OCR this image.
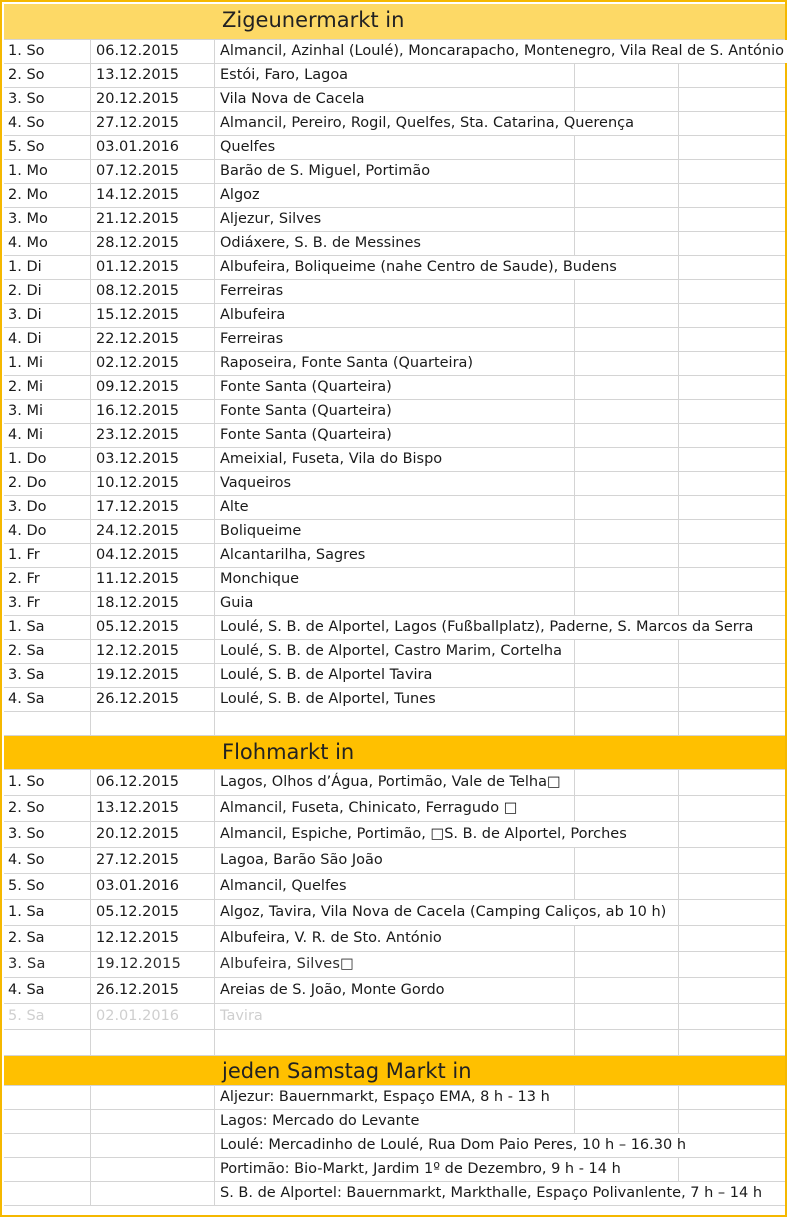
Zigeunermarkt in
1. So	06.12.2015	Almancil, Azinhal (Loulé), Moncarapacho, Montenegro, Vila Real de S. António
2. So	13.12.2015	Estói, Faro, Lagoa
3. So	20.12.2015	Vila Nova de Cacela
4. So	27.12.2015	Almancil, Pereiro, Rogil, Quelfes, Sta. Catarina, Querença
5. So	03.01.2016	Quelfes
1. Mo	07.12.2015	Barão de S. Miguel, Portimão
2. Mo	14.12.2015	Algoz
3. Mo	21.12.2015	Aljezur, Silves
4. Mo	28.12.2015	Odiáxere, S. B. de Messines
1. Di	01.12.2015	Albufeira, Boliqueime (nahe Centro de Saude), Budens
2. Di	08.12.2015	Ferreiras
3. Di	15.12.2015	Albufeira
4. Di	22.12.2015	Ferreiras
1. Mi	02.12.2015	Raposeira, Fonte Santa (Quarteira)
2. Mi	09.12.2015	Fonte Santa (Quarteira)
3. Mi	16.12.2015	Fonte Santa (Quarteira)
4. Mi	23.12.2015	Fonte Santa (Quarteira)
1. Do	03.12.2015	Ameixial, Fuseta, Vila do Bispo
2. Do	10.12.2015	Vaqueiros
3. Do	17.12.2015	Alte
4. Do	24.12.2015	Boliqueime
1. Fr	04.12.2015	Alcantarilha, Sagres
2. Fr	11.12.2015	Monchique
3. Fr	18.12.2015	Guia
1. Sa	05.12.2015	Loulé, S. B. de Alportel, Lagos (Fußballplatz), Paderne, S. Marcos da Serra
2. Sa	12.12.2015	Loulé, S. B. de Alportel, Castro Marim, Cortelha
3. Sa	19.12.2015	Loulé, S. B. de Alportel Tavira
4. Sa	26.12.2015	Loulé, S. B. de Alportel, Tunes
Flohmarkt in
1. So	06.12.2015	Lagos, Olhos d’Água, Portimão, Vale de Telha□
2. So	13.12.2015	Almancil, Fuseta, Chinicato, Ferragudo □
3. So	20.12.2015	Almancil, Espiche, Portimão, □S. B. de Alportel, Porches
4. So	27.12.2015	Lagoa, Barão São João
5. So	03.01.2016	Almancil, Quelfes
1. Sa	05.12.2015	Algoz, Tavira, Vila Nova de Cacela (Camping Caliços, ab 10 h)
2. Sa	12.12.2015	Albufeira, V. R. de Sto. António
3. Sa	19.12.2015	Albufeira, Silves□
4. Sa	26.12.2015	Areias de S. João, Monte Gordo
5. Sa	02.01.2016	Tavira
jeden Samstag Markt in
Aljezur: Bauernmarkt, Espaço EMA, 8 h - 13 h
Lagos: Mercado do Levante
Loulé: Mercadinho de Loulé, Rua Dom Paio Peres, 10 h – 16.30 h
Portimão: Bio-Markt, Jardim 1º de Dezembro, 9 h - 14 h
S. B. de Alportel: Bauernmarkt, Markthalle, Espaço Polivanlente, 7 h – 14 h
